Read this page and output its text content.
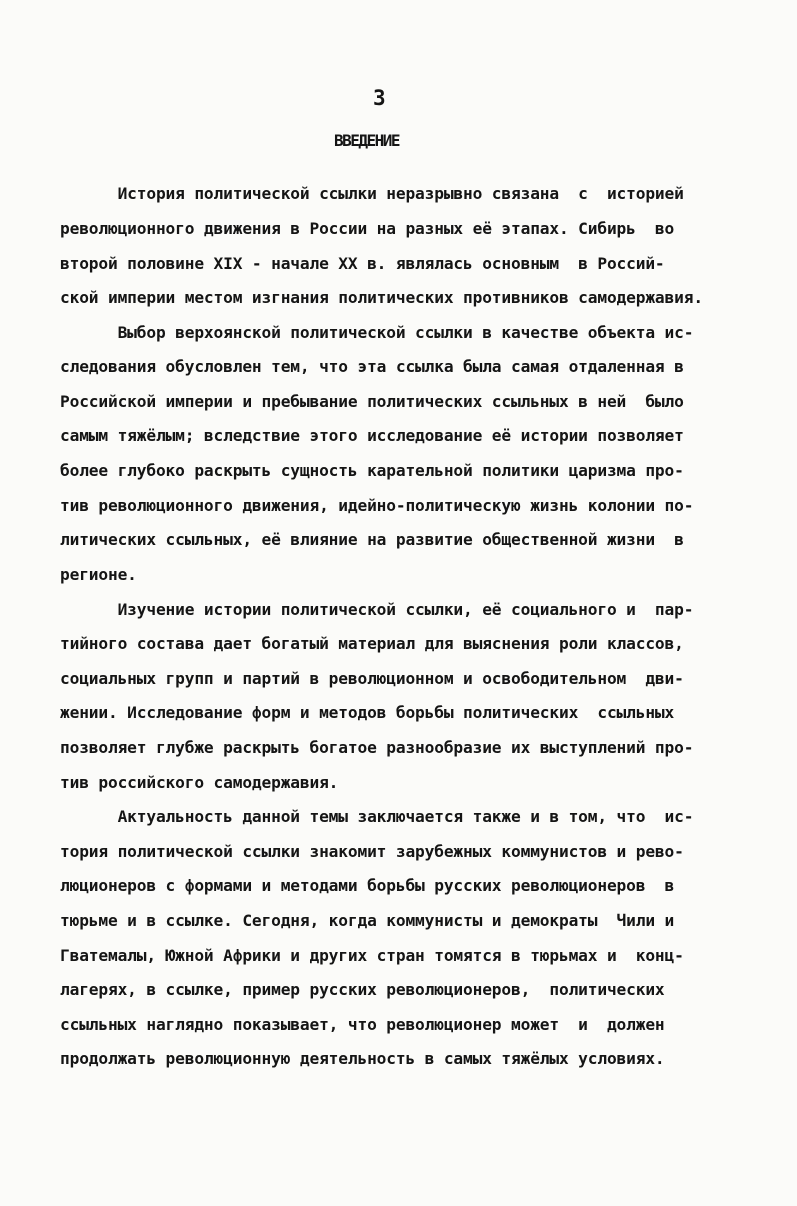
3
ВВЕДЕНИЕ
История политической ссылки неразрывно связана  с  историей
революционного движения в России на разных её этапах. Сибирь  во
второй половине XIX - начале XX в. являлась основным  в Россий-
ской империи местом изгнания политических противников самодержавия.
Выбор верхоянской политической ссылки в качестве объекта ис-
следования обусловлен тем, что эта ссылка была самая отдаленная в
Российской империи и пребывание политических ссыльных в ней  было
самым тяжёлым; вследствие этого исследование её истории позволяет
более глубоко раскрыть сущность карательной политики царизма про-
тив революционного движения, идейно-политическую жизнь колонии по-
литических ссыльных, её влияние на развитие общественной жизни  в
регионе.
Изучение истории политической ссылки, её социального и  пар-
тийного состава дает богатый материал для выяснения роли классов,
социальных групп и партий в революционном и освободительном  дви-
жении. Исследование форм и методов борьбы политических  ссыльных
позволяет глубже раскрыть богатое разнообразие их выступлений про-
тив российского самодержавия.
Актуальность данной темы заключается также и в том, что  ис-
тория политической ссылки знакомит зарубежных коммунистов и рево-
люционеров с формами и методами борьбы русских революционеров  в
тюрьме и в ссылке. Сегодня, когда коммунисты и демократы  Чили и
Гватемалы, Южной Африки и других стран томятся в тюрьмах и  конц-
лагерях, в ссылке, пример русских революционеров,  политических
ссыльных наглядно показывает, что революционер может  и  должен
продолжать революционную деятельность в самых тяжёлых условиях.
